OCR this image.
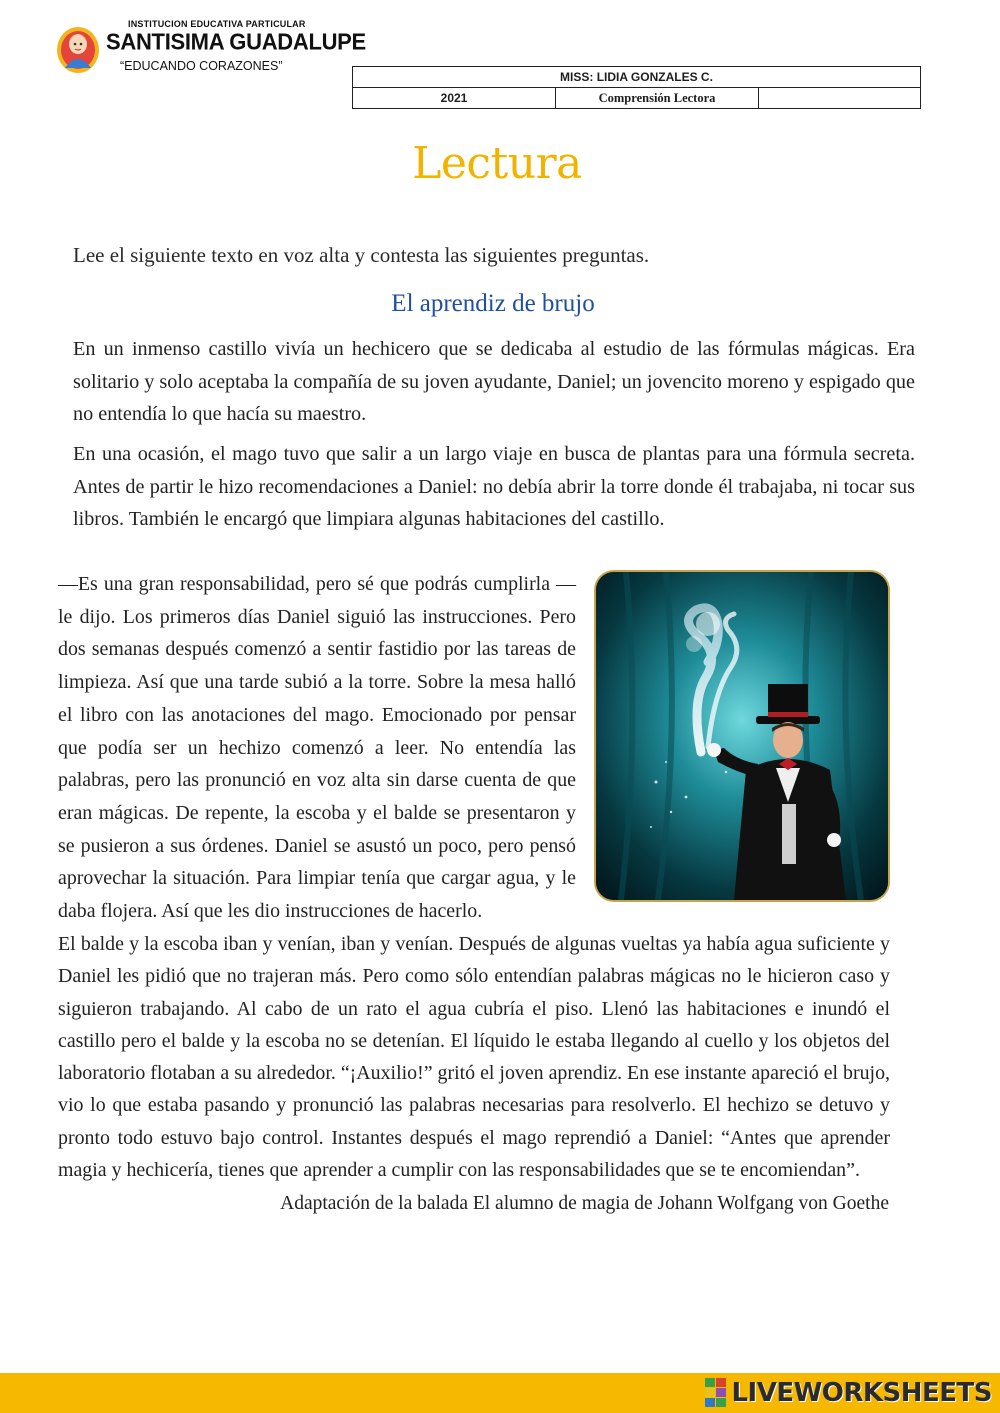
INSTITUCION EDUCATIVA PARTICULAR
SANTISIMA GUADALUPE
“EDUCANDO CORAZONES”
MISS: LIDIA GONZALES C.
2021	Comprensión Lectora	
Lectura
Lee el siguiente texto en voz alta y contesta las siguientes preguntas.
El aprendiz de brujo

En un inmenso castillo vivía un hechicero que se dedicaba al estudio de las fórmulas mágicas. Era solitario y solo aceptaba la compañía de su joven ayudante, Daniel; un jovencito moreno y espigado que no entendía lo que hacía su maestro.

En una ocasión, el mago tuvo que salir a un largo viaje en busca de plantas para una fórmula secreta. Antes de partir le hizo recomendaciones a Daniel: no debía abrir la torre donde él trabajaba, ni tocar sus libros. También le encargó que limpiara algunas habitaciones del castillo.

—Es una gran responsabilidad, pero sé que podrás cumplirla —le dijo. Los primeros días Daniel siguió las instrucciones. Pero dos semanas después comenzó a sentir fastidio por las tareas de limpieza. Así que una tarde subió a la torre. Sobre la mesa halló el libro con las anotaciones del mago. Emocionado por pensar que podía ser un hechizo comenzó a leer. No entendía las palabras, pero las pronunció en voz alta sin darse cuenta de que eran mágicas. De repente, la escoba y el balde se presentaron y se pusieron a sus órdenes. Daniel se asustó un poco, pero pensó aprovechar la situación. Para limpiar tenía que cargar agua, y le daba flojera. Así que les dio instrucciones de hacerlo.

El balde y la escoba iban y venían, iban y venían. Después de algunas vueltas ya había agua suficiente y Daniel les pidió que no trajeran más. Pero como sólo entendían palabras mágicas no le hicieron caso y siguieron trabajando. Al cabo de un rato el agua cubría el piso. Llenó las habitaciones e inundó el castillo pero el balde y la escoba no se detenían. El líquido le estaba llegando al cuello y los objetos del laboratorio flotaban a su alrededor. “¡Auxilio!” gritó el joven aprendiz. En ese instante apareció el brujo, vio lo que estaba pasando y pronunció las palabras necesarias para resolverlo. El hechizo se detuvo y pronto todo estuvo bajo control. Instantes después el mago reprendió a Daniel: “Antes que aprender magia y hechicería, tienes que aprender a cumplir con las responsabilidades que se te encomiendan”.

Adaptación de la balada El alumno de magia de Johann Wolfgang von Goethe
LIVEWORKSHEETS
